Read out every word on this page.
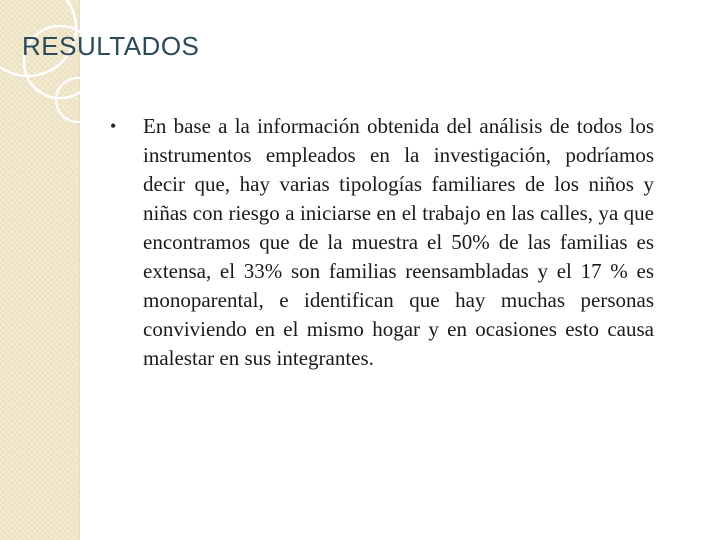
RESULTADOS
• En base a la información obtenida del análisis de todos los instrumentos empleados en la investigación, podríamos decir que, hay varias tipologías familiares de los niños y niñas con riesgo a iniciarse en el trabajo en las calles, ya que encontramos que de la muestra el 50% de las familias es extensa, el 33% son familias reensambladas y el 17 % es monoparental, e identifican que hay muchas personas conviviendo en el mismo hogar y en ocasiones esto causa malestar en sus integrantes.
